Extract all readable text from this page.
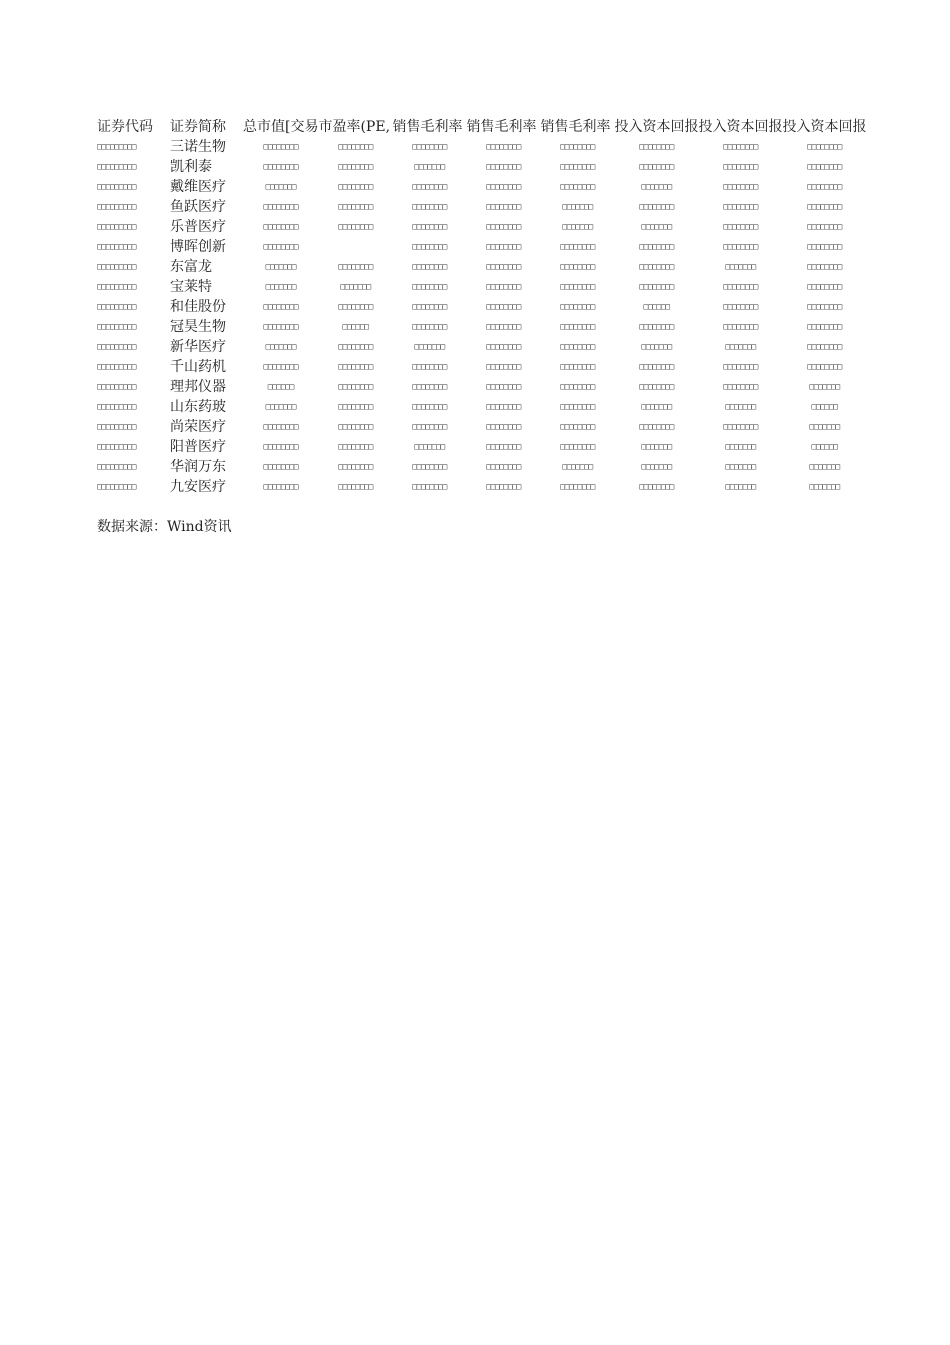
证券代码	证券简称	总市值[交易	市盈率(PE,	销售毛利率	销售毛利率	销售毛利率	投入资本回报	投入资本回报	投入资本回报
□□□□□□□□□	三诺生物	□□□□□□□□	□□□□□□□□	□□□□□□□□	□□□□□□□□	□□□□□□□□	□□□□□□□□	□□□□□□□□	□□□□□□□□
□□□□□□□□□	凯利泰	□□□□□□□□	□□□□□□□□	□□□□□□□	□□□□□□□□	□□□□□□□□	□□□□□□□□	□□□□□□□□	□□□□□□□□
□□□□□□□□□	戴维医疗	□□□□□□□	□□□□□□□□	□□□□□□□□	□□□□□□□□	□□□□□□□□	□□□□□□□	□□□□□□□□	□□□□□□□□
□□□□□□□□□	鱼跃医疗	□□□□□□□□	□□□□□□□□	□□□□□□□□	□□□□□□□□	□□□□□□□	□□□□□□□□	□□□□□□□□	□□□□□□□□
□□□□□□□□□	乐普医疗	□□□□□□□□	□□□□□□□□	□□□□□□□□	□□□□□□□□	□□□□□□□	□□□□□□□	□□□□□□□□	□□□□□□□□
□□□□□□□□□	博晖创新	□□□□□□□□		□□□□□□□□	□□□□□□□□	□□□□□□□□	□□□□□□□□	□□□□□□□□	□□□□□□□□
□□□□□□□□□	东富龙	□□□□□□□	□□□□□□□□	□□□□□□□□	□□□□□□□□	□□□□□□□□	□□□□□□□□	□□□□□□□	□□□□□□□□
□□□□□□□□□	宝莱特	□□□□□□□	□□□□□□□	□□□□□□□□	□□□□□□□□	□□□□□□□□	□□□□□□□□	□□□□□□□□	□□□□□□□□
□□□□□□□□□	和佳股份	□□□□□□□□	□□□□□□□□	□□□□□□□□	□□□□□□□□	□□□□□□□□	□□□□□□	□□□□□□□□	□□□□□□□□
□□□□□□□□□	冠昊生物	□□□□□□□□	□□□□□□	□□□□□□□□	□□□□□□□□	□□□□□□□□	□□□□□□□□	□□□□□□□□	□□□□□□□□
□□□□□□□□□	新华医疗	□□□□□□□	□□□□□□□□	□□□□□□□	□□□□□□□□	□□□□□□□□	□□□□□□□	□□□□□□□	□□□□□□□□
□□□□□□□□□	千山药机	□□□□□□□□	□□□□□□□□	□□□□□□□□	□□□□□□□□	□□□□□□□□	□□□□□□□□	□□□□□□□□	□□□□□□□□
□□□□□□□□□	理邦仪器	□□□□□□	□□□□□□□□	□□□□□□□□	□□□□□□□□	□□□□□□□□	□□□□□□□□	□□□□□□□□	□□□□□□□
□□□□□□□□□	山东药玻	□□□□□□□	□□□□□□□□	□□□□□□□□	□□□□□□□□	□□□□□□□□	□□□□□□□	□□□□□□□	□□□□□□
□□□□□□□□□	尚荣医疗	□□□□□□□□	□□□□□□□□	□□□□□□□□	□□□□□□□□	□□□□□□□□	□□□□□□□□	□□□□□□□□	□□□□□□□
□□□□□□□□□	阳普医疗	□□□□□□□□	□□□□□□□□	□□□□□□□	□□□□□□□□	□□□□□□□□	□□□□□□□	□□□□□□□	□□□□□□
□□□□□□□□□	华润万东	□□□□□□□□	□□□□□□□□	□□□□□□□□	□□□□□□□□	□□□□□□□	□□□□□□□	□□□□□□□	□□□□□□□
□□□□□□□□□	九安医疗	□□□□□□□□	□□□□□□□□	□□□□□□□□	□□□□□□□□	□□□□□□□□	□□□□□□□□	□□□□□□□	□□□□□□□
数据来源：Wind资讯
